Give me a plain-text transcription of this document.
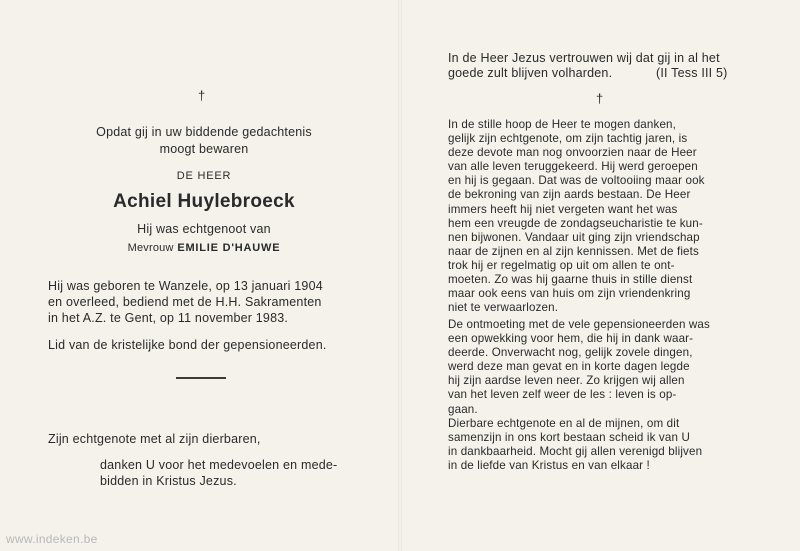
†
Opdat gij in uw biddende gedachtenis
moogt bewaren
DE HEER
Achiel Huylebroeck
Hij was echtgenoot van
Mevrouw EMILIE D'HAUWE
Hij was geboren te Wanzele, op 13 januari 1904
en overleed, bediend met de H.H. Sakramenten
in het A.Z. te Gent, op 11 november 1983.
Lid van de kristelijke bond der gepensioneerden.
Zijn echtgenote met al zijn dierbaren,
danken U voor het medevoelen en mede-
bidden in Kristus Jezus.
In de Heer Jezus vertrouwen wij dat gij in al het
goede zult blijven volharden.	(II Tess III 5)
†
In de stille hoop de Heer te mogen danken,
gelijk zijn echtgenote, om zijn tachtig jaren, is
deze devote man nog onvoorzien naar de Heer
van alle leven teruggekeerd. Hij werd geroepen
en hij is gegaan. Dat was de voltooiing maar ook
de bekroning van zijn aards bestaan. De Heer
immers heeft hij niet vergeten want het was
hem een vreugde de zondagseucharistie te kun-
nen bijwonen. Vandaar uit ging zijn vriendschap
naar de zijnen en al zijn kennissen. Met de fiets
trok hij er regelmatig op uit om allen te ont-
moeten. Zo was hij gaarne thuis in stille dienst
maar ook eens van huis om zijn vriendenkring
niet te verwaarlozen.
De ontmoeting met de vele gepensioneerden was
een opwekking voor hem, die hij in dank waar-
deerde. Onverwacht nog, gelijk zovele dingen,
werd deze man gevat en in korte dagen legde
hij zijn aardse leven neer. Zo krijgen wij allen
van het leven zelf weer de les : leven is op-
gaan.
Dierbare echtgenote en al de mijnen, om dit
samenzijn in ons kort bestaan scheid ik van U
in dankbaarheid. Mocht gij allen verenigd blijven
in de liefde van Kristus en van elkaar !
www.indeken.be
